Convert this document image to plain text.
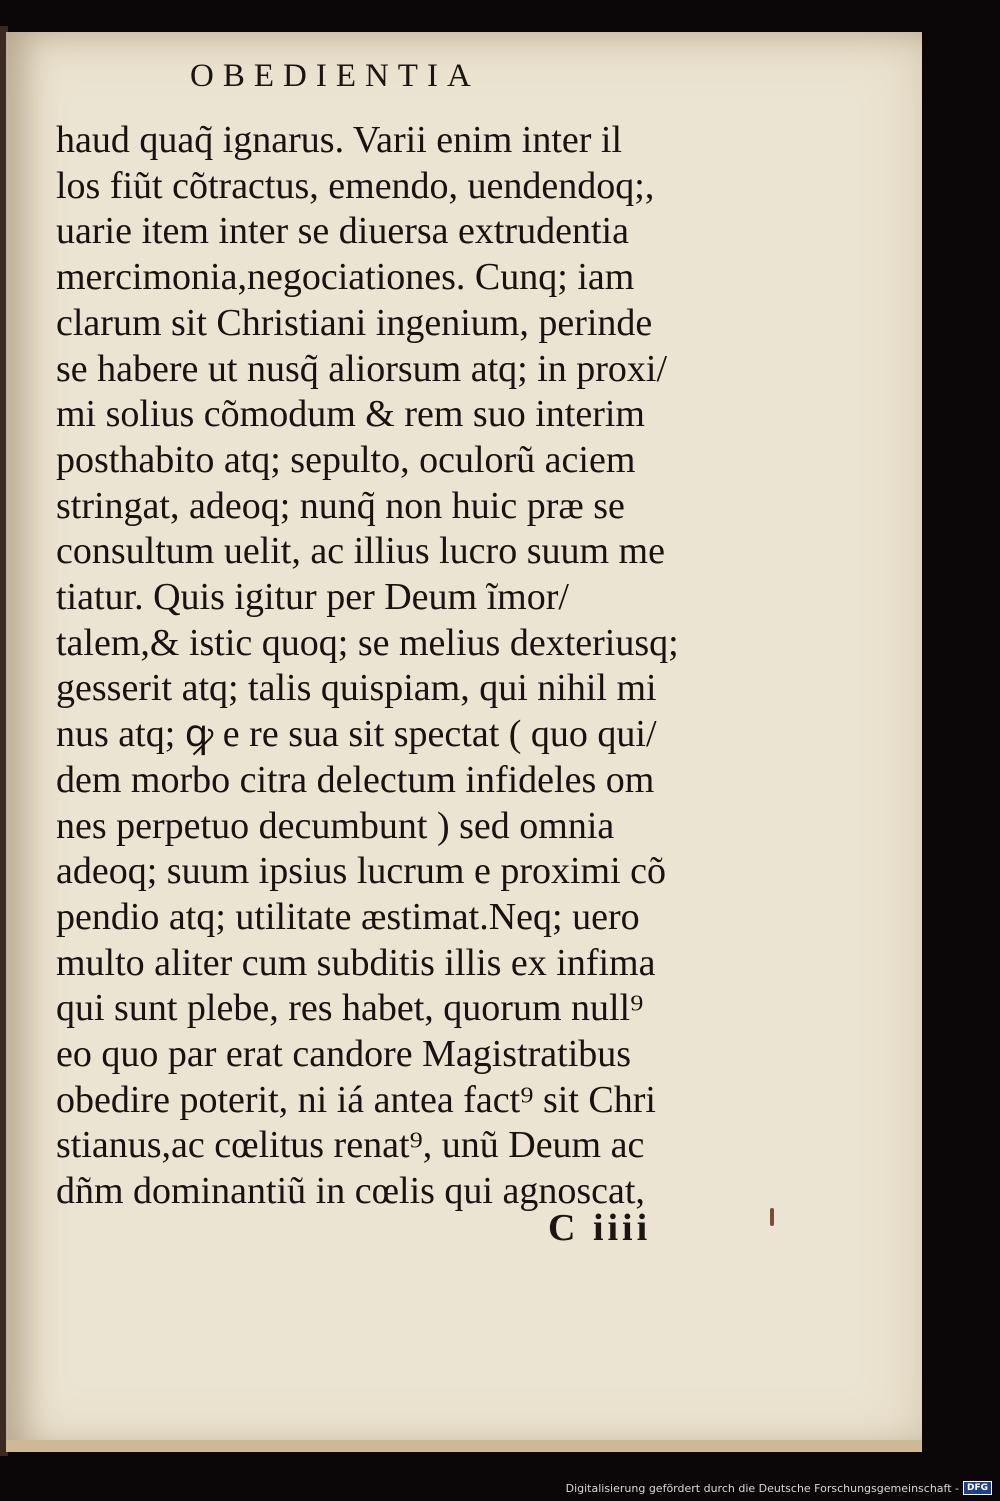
OBEDIENTIA
haud quaq̃ ignarus. Varii enim inter il
los fiũt cõtractus, emendo, uendendoq;,
uarie item inter se diuersa extrudentia
mercimonia,negociationes. Cunq; iam
clarum sit Christiani ingenium, perinde
se habere ut nusq̃ aliorsum atq; in proxi/
mi solius cõmodum & rem suo interim
posthabito atq; sepulto, oculorũ aciem
stringat, adeoq; nunq̃ non huic præ se
consultum uelit, ac illius lucro suum me
tiatur. Quis igitur per Deum ĩmor/
talem,& istic quoq; se melius dexteriusq;
gesserit atq; talis quispiam, qui nihil mi
nus atq; ꝙ e re sua sit spectat ( quo qui/
dem morbo citra delectum infideles om
nes perpetuo decumbunt ) sed omnia
adeoq; suum ipsius lucrum e proximi cõ
pendio atq; utilitate æstimat.Neq; uero
multo aliter cum subditis illis ex infima
qui sunt plebe, res habet, quorum null⁹
eo quo par erat candore Magistratibus
obedire poterit, ni iá antea fact⁹ sit Chri
stianus,ac cœlitus renat⁹, unũ Deum ac
dñm dominantiũ in cœlis qui agnoscat,
C iiii
Digitalisierung gefördert durch die Deutsche Forschungsgemeinschaft - DFG
